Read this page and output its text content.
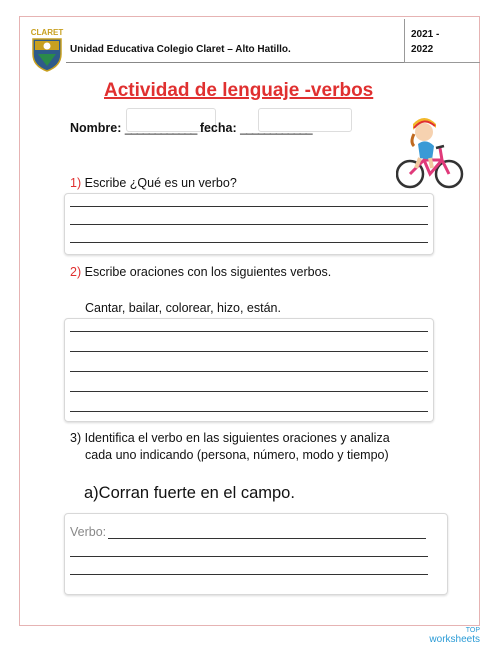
CLARET
Unidad Educativa Colegio Claret – Alto Hatillo.
2021 -
2022
Actividad de lenguaje -verbos
Nombre: ____________ fecha: ____________
1) Escribe ¿Qué es un verbo?
2) Escribe oraciones con los siguientes verbos.
Cantar, bailar, colorear, hizo, están.
3) Identifica el verbo en las siguientes oraciones y analiza
cada uno indicando (persona, número, modo y tiempo)
a)Corran fuerte en el campo.
Verbo:
TOP
worksheets
